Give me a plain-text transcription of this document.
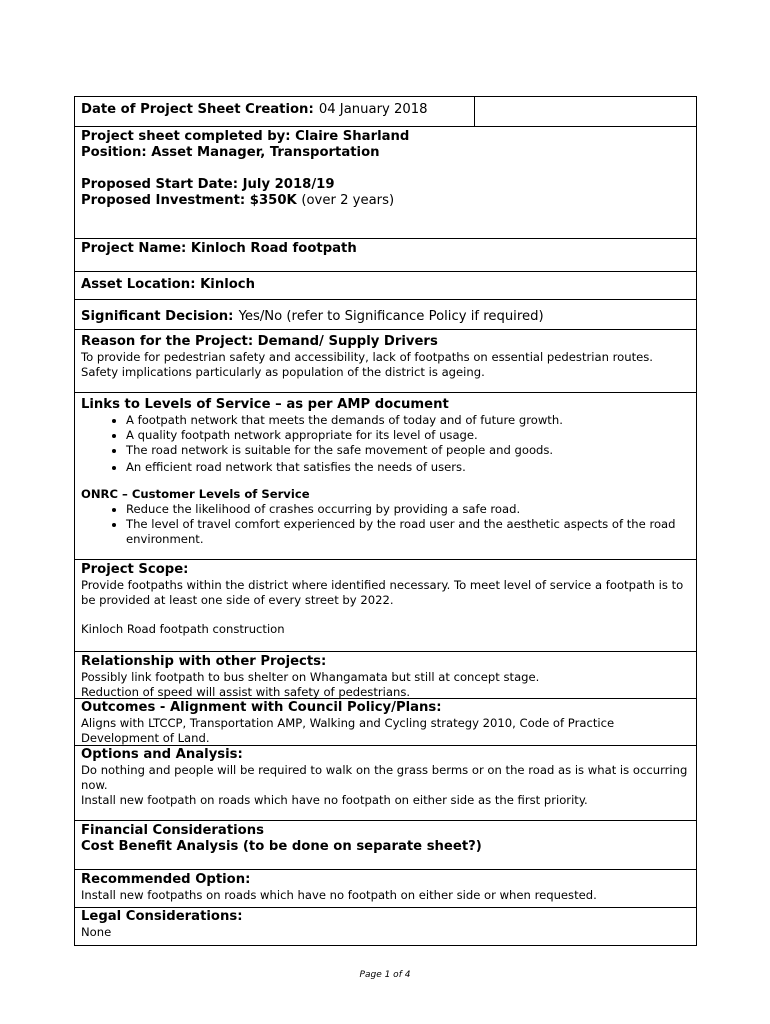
Date of Project Sheet Creation: 04 January 2018
Project sheet completed by: Claire Sharland
Position: Asset Manager, Transportation
Proposed Start Date: July 2018/19
Proposed Investment: $350K (over 2 years)
Project Name: Kinloch Road footpath
Asset Location: Kinloch
Significant Decision: Yes/No (refer to Significance Policy if required)
Reason for the Project: Demand/ Supply Drivers
To provide for pedestrian safety and accessibility, lack of footpaths on essential pedestrian routes. Safety implications particularly as population of the district is ageing.
Links to Levels of Service – as per AMP document
• A footpath network that meets the demands of today and of future growth.
• A quality footpath network appropriate for its level of usage.
• The road network is suitable for the safe movement of people and goods.
• An efficient road network that satisfies the needs of users.
ONRC – Customer Levels of Service
• Reduce the likelihood of crashes occurring by providing a safe road.
• The level of travel comfort experienced by the road user and the aesthetic aspects of the road environment.
Project Scope:
Provide footpaths within the district where identified necessary. To meet level of service a footpath is to be provided at least one side of every street by 2022.
Kinloch Road footpath construction
Relationship with other Projects:
Possibly link footpath to bus shelter on Whangamata but still at concept stage.
Reduction of speed will assist with safety of pedestrians.
Outcomes - Alignment with Council Policy/Plans:
Aligns with LTCCP, Transportation AMP, Walking and Cycling strategy 2010, Code of Practice Development of Land.
Options and Analysis:
Do nothing and people will be required to walk on the grass berms or on the road as is what is occurring now.
Install new footpath on roads which have no footpath on either side as the first priority.
Financial Considerations
Cost Benefit Analysis (to be done on separate sheet?)
Recommended Option:
Install new footpaths on roads which have no footpath on either side or when requested.
Legal Considerations:
None
Page 1 of 4
